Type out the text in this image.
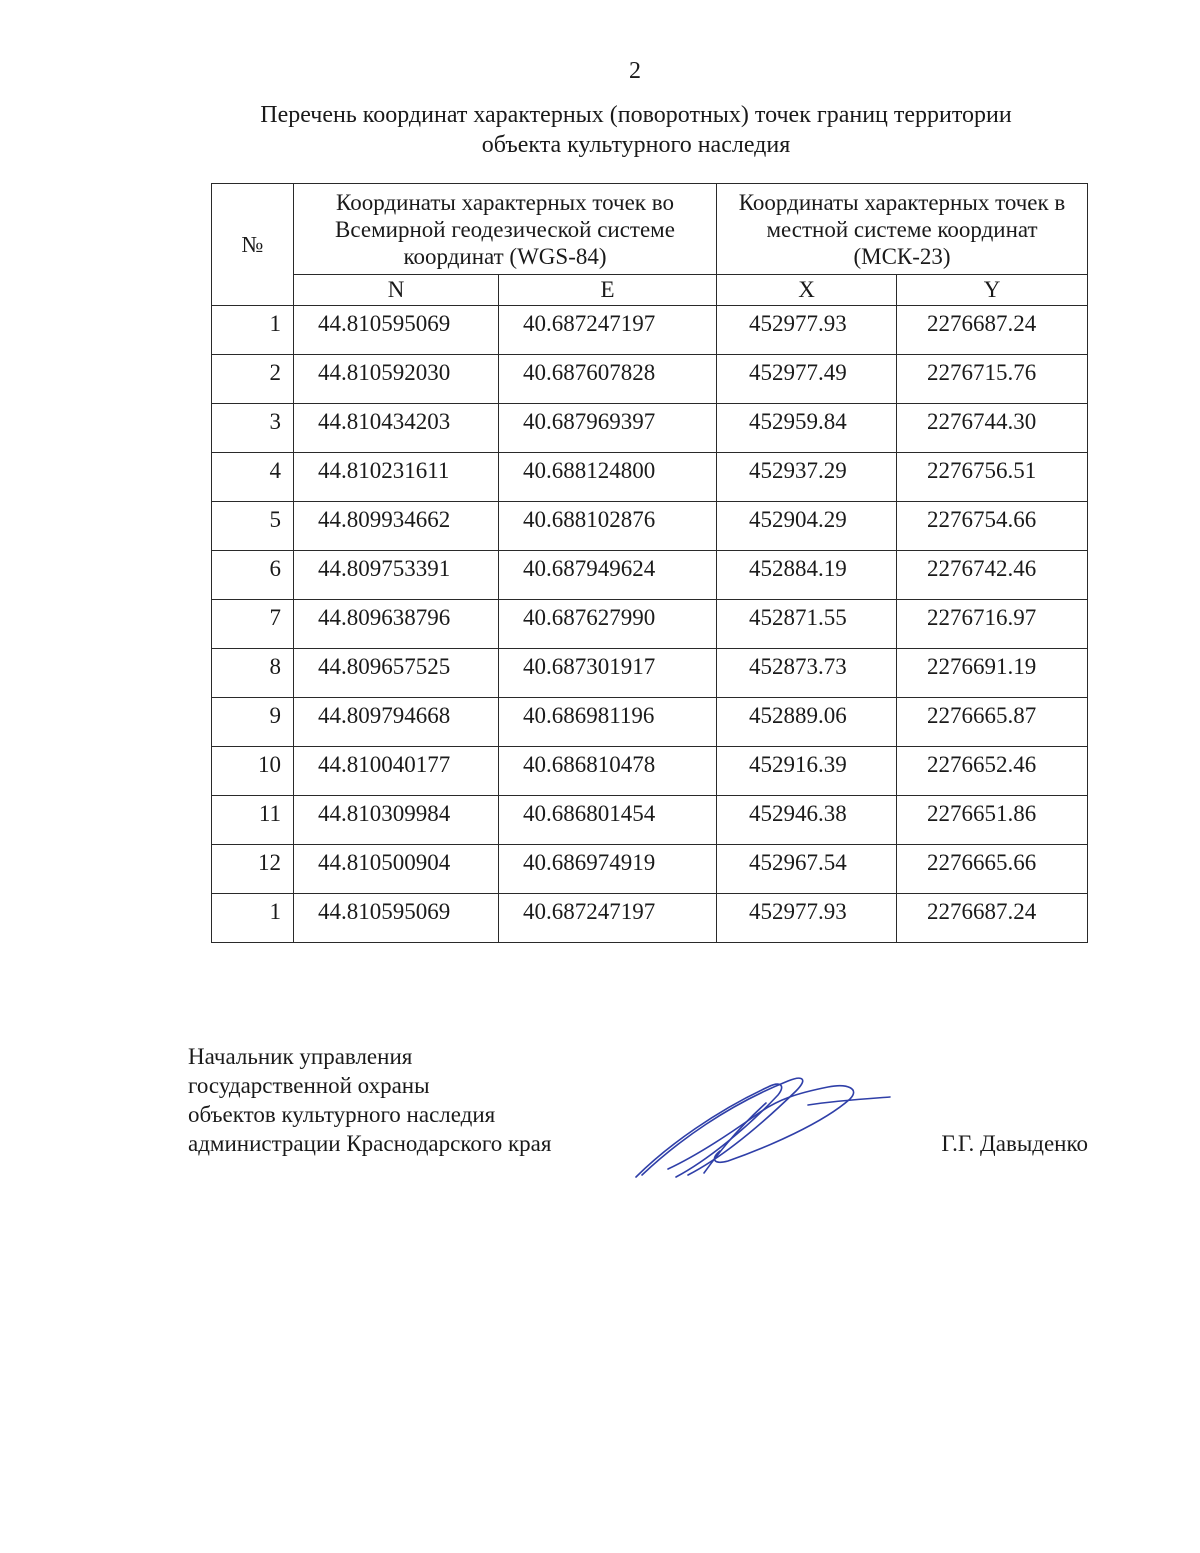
2
Перечень координат характерных (поворотных) точек границ территории
объекта культурного наследия
№	Координаты характерных точек во Всемирной геодезической системе координат (WGS-84)		Координаты характерных точек в местной системе координат (МСК-23)	
	N	E	X	Y
1	44.810595069	40.687247197	452977.93	2276687.24
2	44.810592030	40.687607828	452977.49	2276715.76
3	44.810434203	40.687969397	452959.84	2276744.30
4	44.810231611	40.688124800	452937.29	2276756.51
5	44.809934662	40.688102876	452904.29	2276754.66
6	44.809753391	40.687949624	452884.19	2276742.46
7	44.809638796	40.687627990	452871.55	2276716.97
8	44.809657525	40.687301917	452873.73	2276691.19
9	44.809794668	40.686981196	452889.06	2276665.87
10	44.810040177	40.686810478	452916.39	2276652.46
11	44.810309984	40.686801454	452946.38	2276651.86
12	44.810500904	40.686974919	452967.54	2276665.66
1	44.810595069	40.687247197	452977.93	2276687.24
Начальник управления
государственной охраны
объектов культурного наследия
администрации Краснодарского края	Г.Г. Давыденко
